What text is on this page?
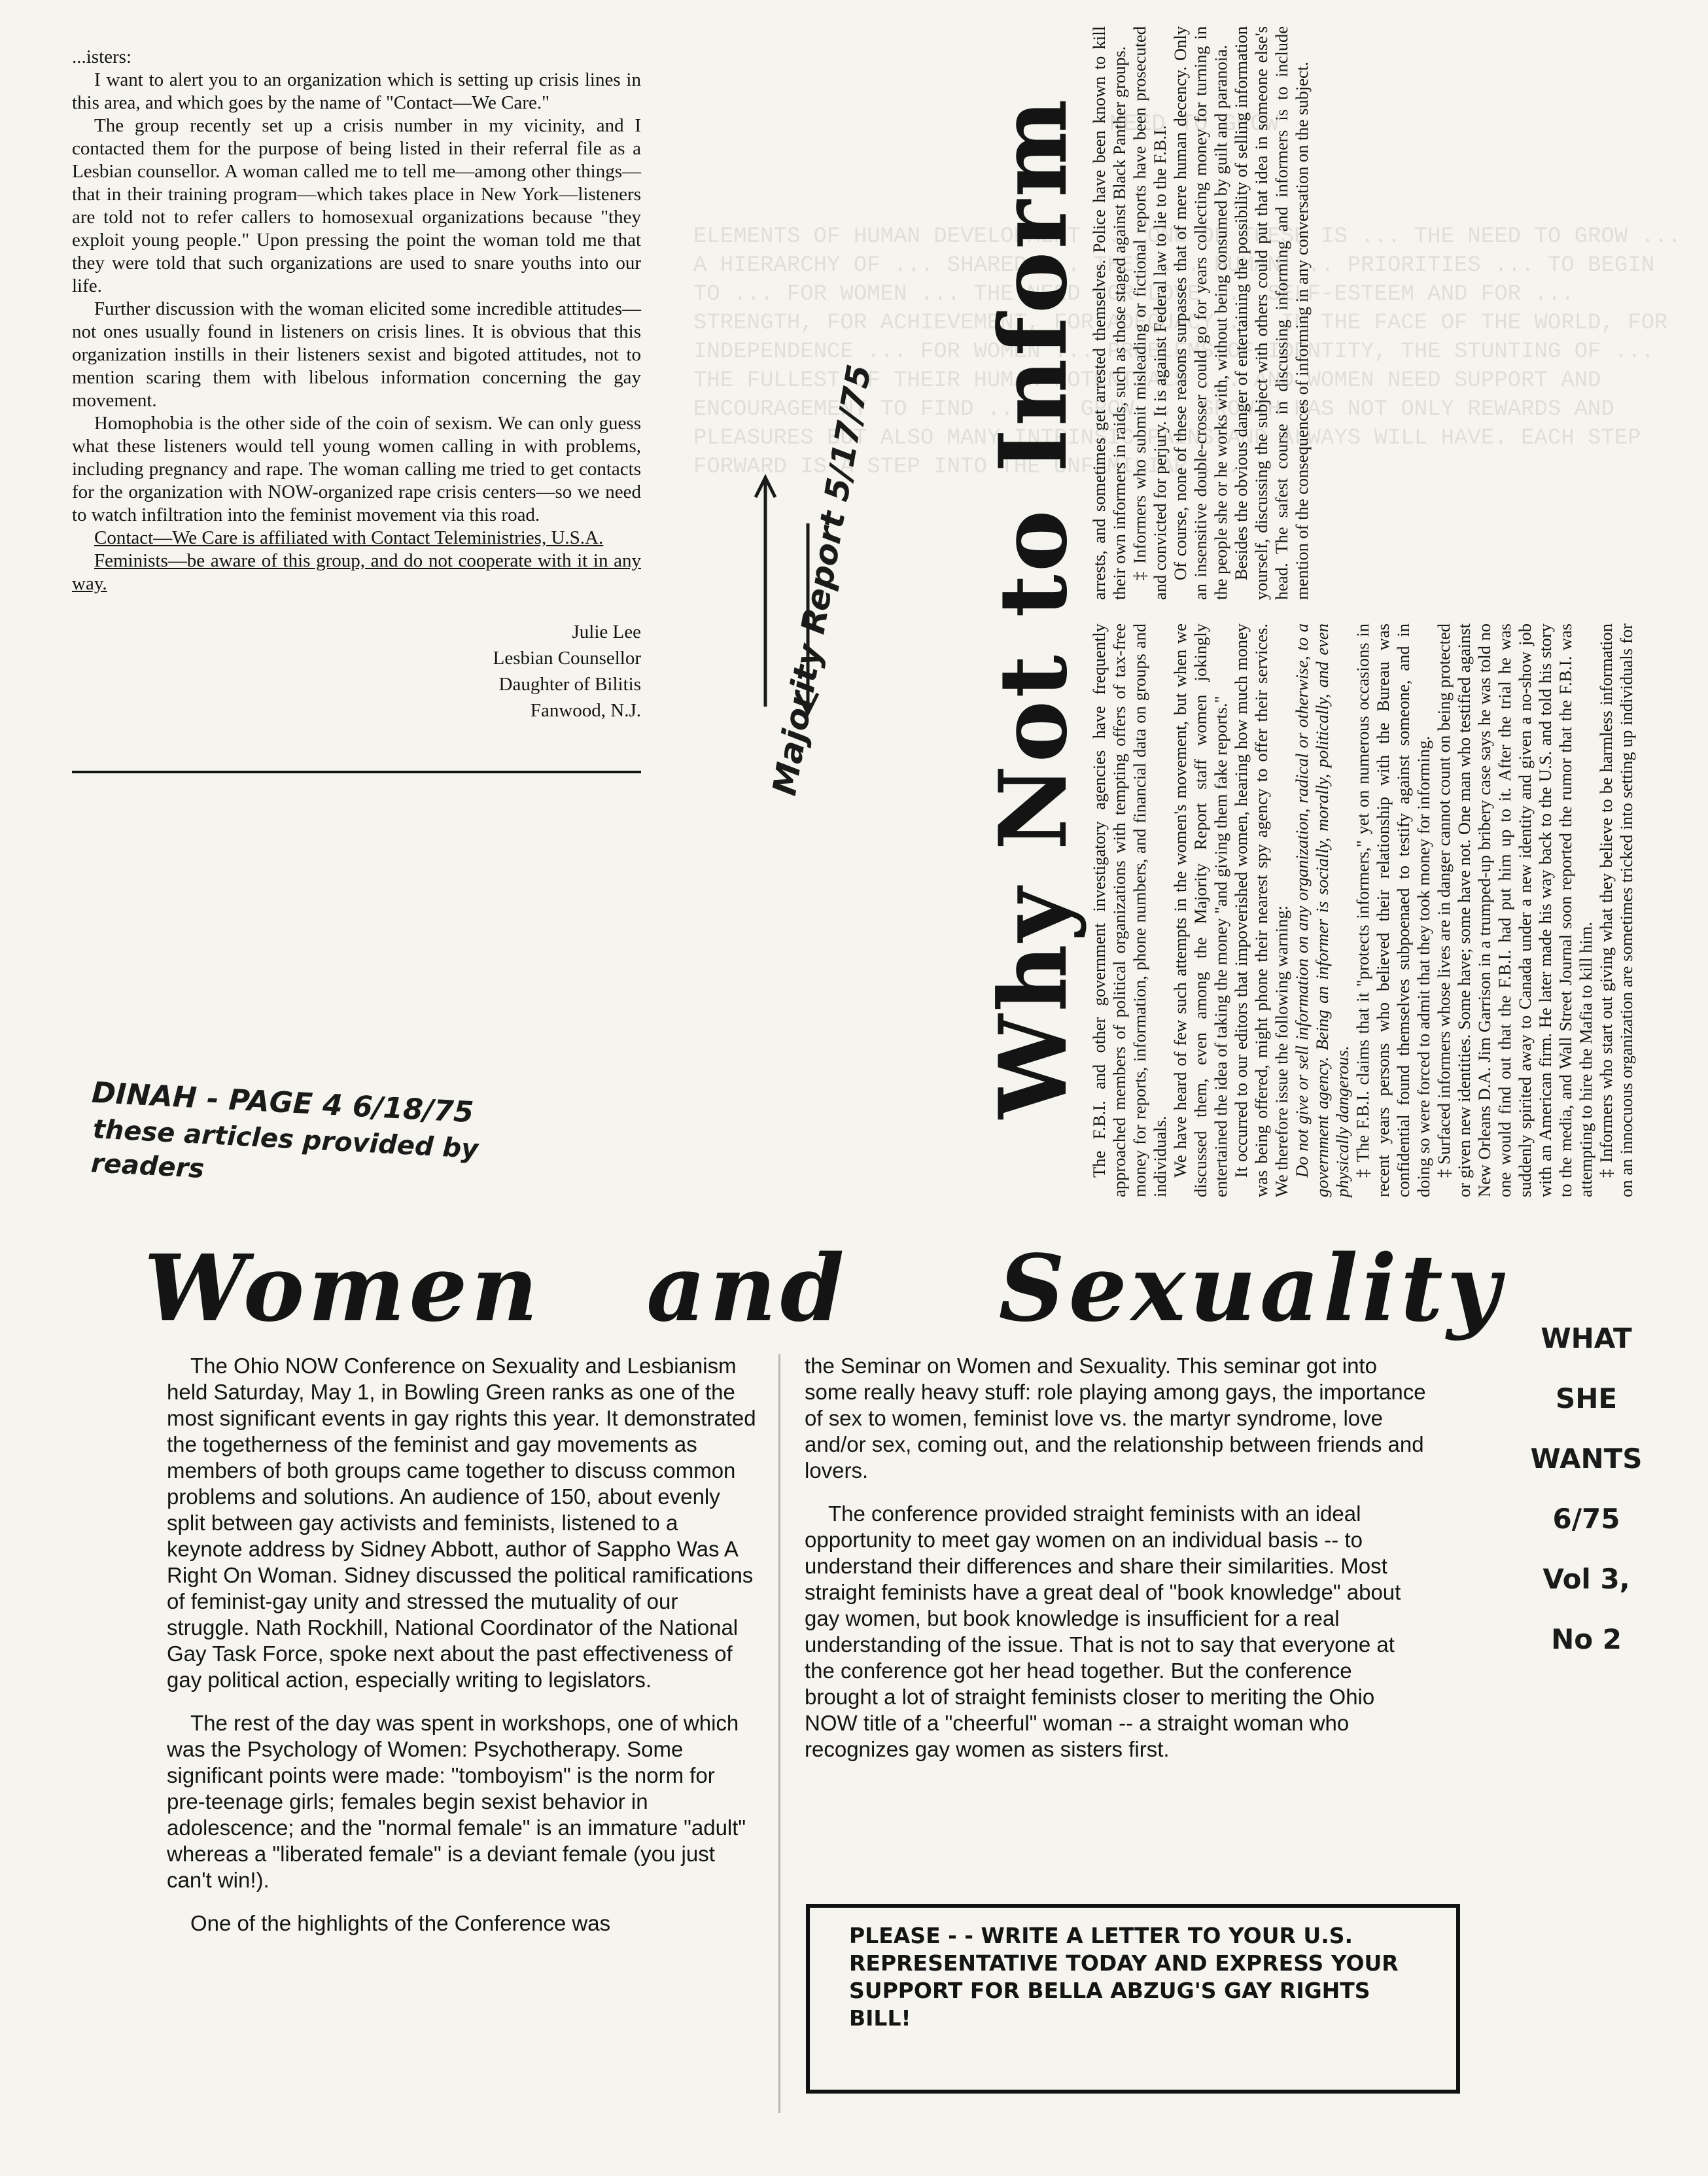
NEED TO GROW

ELEMENTS OF HUMAN DEVELOPMENT ... ONE OF THESE IS ... THE NEED TO GROW ... A HIERARCHY OF ... SHARED ... THEY ... HUMAN ... PRIORITIES ... TO BEGIN TO ... FOR WOMEN ... THE NEED FOR LOVE ... SELF-ESTEEM AND FOR ... STRENGTH, FOR ACHIEVEMENT, FOR ADEQUACY ... IN THE FACE OF THE WORLD, FOR INDEPENDENCE ... FOR WOMEN ... PROBLEMS OF IDENTITY, THE STUNTING OF ... THE FULLEST OF THEIR HUMAN POTENTIALS ... AND WOMEN NEED SUPPORT AND ENCOURAGEMENT TO FIND ... TO GROW ... GROWTH HAS NOT ONLY REWARDS AND PLEASURES BUT ALSO MANY INTRINSIC PAINS AND ALWAYS WILL HAVE. EACH STEP FORWARD IS A STEP INTO THE UNFAMILIAR ...

...isters:

I want to alert you to an organization which is setting up crisis lines in this area, and which goes by the name of "Contact—We Care."

The group recently set up a crisis number in my vicinity, and I contacted them for the purpose of being listed in their referral file as a Lesbian counsellor. A woman called me to tell me—among other things—that in their training program—which takes place in New York—listeners are told not to refer callers to homosexual organizations because "they exploit young people." Upon pressing the point the woman told me that they were told that such organizations are used to snare youths into our life.

Further discussion with the woman elicited some incredible attitudes—not ones usually found in listeners on crisis lines. It is obvious that this organization instills in their listeners sexist and bigoted attitudes, not to mention scaring them with libelous information concerning the gay movement.

Homophobia is the other side of the coin of sexism. We can only guess what these listeners would tell young women calling in with problems, including pregnancy and rape. The woman calling me tried to get contacts for the organization with NOW-organized rape crisis centers—so we need to watch infiltration into the feminist movement via this road.

Contact—We Care is affiliated with Contact Teleministries, U.S.A.

Feminists—be aware of this group, and do not cooperate with it in any way.

Julie Lee
Lesbian Counsellor
Daughter of Bilitis
Fanwood, N.J.	Why Not to Inform The F.B.I. and other government investigatory agencies have frequently approached members of political organizations with tempting offers of tax-free money for reports, information, phone numbers, and financial data on groups and individuals. We have heard of few such attempts in the women's movement, but when we discussed them, even among the Majority Report staff women jokingly entertained the idea of taking the money "and giving them fake reports." It occurred to our editors that impoverished women, hearing how much money was being offered, might phone their nearest spy agency to offer their services. We therefore issue the following warning: Do not give or sell information on any organization, radical or otherwise, to a government agency. Being an informer is socially, morally, politically, and even physically dangerous. ‡ The F.B.I. claims that it "protects informers," yet on numerous occasions in recent years persons who believed their relationship with the Bureau was confidential found themselves subpoenaed to testify against someone, and in doing so were forced to admit that they took money for informing. ‡ Surfaced informers whose lives are in danger cannot count on being protected or given new identities. Some have; some have not. One man who testified against New Orleans D.A. Jim Garrison in a trumped-up bribery case says he was told no one would find out that the F.B.I. had put him up to it. After the trial he was suddenly spirited away to Canada under a new identity and given a no-show job with an American firm. He later made his way back to the U.S. and told his story to the media, and Wall Street Journal soon reported the rumor that the F.B.I. was attempting to hire the Mafia to kill him. ‡ Informers who start out giving what they believe to be harmless information on an innocuous organization are sometimes tricked into setting up individuals for arrests, and sometimes get arrested themselves. Police have been known to kill their own informers in raids, such as those staged against Black Panther groups. ‡ Informers who submit misleading or fictional reports have been prosecuted and convicted for perjury. It is against Federal law to lie to the F.B.I. Of course, none of these reasons surpasses that of mere human decency. Only an insensitive double-crosser could go for years collecting money for turning in the people she or he works with, without being consumed by guilt and paranoia. Besides the obvious danger of entertaining the possibility of selling information yourself, discussing the subject with others could put that idea in someone else's head. The safest course in discussing informing and informers is to include mention of the consequences of informing in any conversation on the subject.

Majority Report 5/17/75
DINAH - PAGE 4 6/18/75
these articles provided by readers
WHAT
SHE
WANTS
6/75
Vol 3,
No 2
Women and Sexuality

The Ohio NOW Conference on Sexuality and Lesbianism held Saturday, May 1, in Bowling Green ranks as one of the most significant events in gay rights this year. It demonstrated the togetherness of the feminist and gay movements as members of both groups came together to discuss common problems and solutions. An audience of 150, about evenly split between gay activists and feminists, listened to a keynote address by Sidney Abbott, author of Sappho Was A Right On Woman. Sidney discussed the political ramifications of feminist-gay unity and stressed the mutuality of our struggle. Nath Rockhill, National Coordinator of the National Gay Task Force, spoke next about the past effectiveness of gay political action, especially writing to legislators.

The rest of the day was spent in workshops, one of which was the Psychology of Women: Psychotherapy. Some significant points were made: "tomboyism" is the norm for pre-teenage girls; females begin sexist behavior in adolescence; and the "normal female" is an immature "adult" whereas a "liberated female" is a deviant female (you just can't win!).

One of the highlights of the Conference was

the Seminar on Women and Sexuality. This seminar got into some really heavy stuff: role playing among gays, the importance of sex to women, feminist love vs. the martyr syndrome, love and/or sex, coming out, and the relationship between friends and lovers.

The conference provided straight feminists with an ideal opportunity to meet gay women on an individual basis -- to understand their differences and share their similarities. Most straight feminists have a great deal of "book knowledge" about gay women, but book knowledge is insufficient for a real understanding of the issue. That is not to say that everyone at the conference got her head together. But the conference brought a lot of straight feminists closer to meriting the Ohio NOW title of a "cheerful" woman -- a straight woman who recognizes gay women as sisters first.

PLEASE - - WRITE A LETTER TO YOUR U.S. REPRESENTATIVE TODAY AND EXPRESS YOUR SUPPORT FOR BELLA ABZUG'S GAY RIGHTS BILL!
